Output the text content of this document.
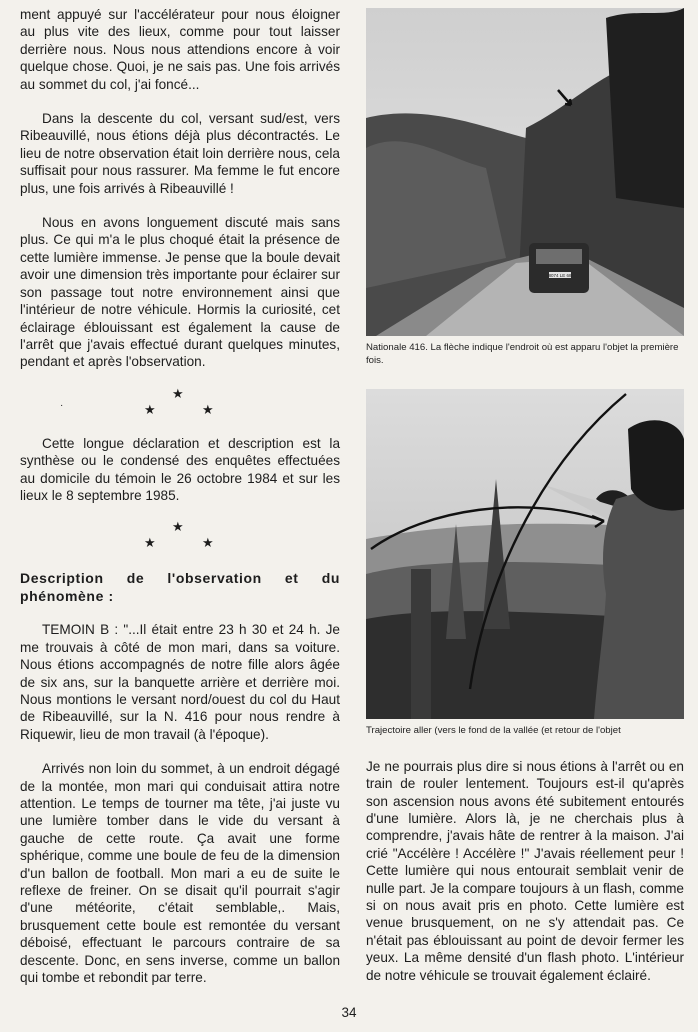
ment appuyé sur l'accélérateur pour nous éloigner au plus vite des lieux, comme pour tout laisser derrière nous. Nous nous attendions encore à voir quelque chose. Quoi, je ne sais pas. Une fois arrivés au sommet du col, j'ai foncé...

Dans la descente du col, versant sud/est, vers Ribeauvillé, nous étions déjà plus décontractés. Le lieu de notre observation était loin derrière nous, cela suffisait pour nous rassurer. Ma femme le fut encore plus, une fois arrivés à Ribeauvillé !

Nous en avons longuement discuté mais sans plus. Ce qui m'a le plus choqué était la présence de cette lumière immense. Je pense que la boule devait avoir une dimension très importante pour éclairer sur son passage tout notre environnement ainsi que l'intérieur de notre véhicule. Hormis la curiosité, cet éclairage éblouissant est également la cause de l'arrêt que j'avais effectué durant quelques minutes, pendant et après l'observation.

·
★
★	★

Cette longue déclaration et description est la synthèse ou le condensé des enquêtes effectuées au domicile du témoin le 26 octobre 1984 et sur les lieux le 8 septembre 1985.

★
★	★
Description de l'observation et du phénomène :

TEMOIN B : "...Il était entre 23 h 30 et 24 h. Je me trouvais à côté de mon mari, dans sa voiture. Nous étions accompagnés de notre fille alors âgée de six ans, sur la banquette arrière et derrière moi. Nous montions le versant nord/ouest du col du Haut de Ribeauvillé, sur la N. 416 pour nous rendre à Riquewir, lieu de mon travail (à l'époque).

Arrivés non loin du sommet, à un endroit dégagé de la montée, mon mari qui conduisait attira notre attention. Le temps de tourner ma tête, j'ai juste vu une lumière tomber dans le vide du versant à gauche de cette route. Ça avait une forme sphérique, comme une boule de feu de la dimension d'un ballon de football. Mon mari a eu de suite le reflexe de freiner. On se disait qu'il pourrait s'agir d'une météorite, c'était semblable,. Mais, brusquement cette boule est remontée du versant déboisé, effectuant le parcours contraire de sa descente. Donc, en sens inverse, comme un ballon qui tombe et rebondit par terre.

8074 LE 68
Nationale 416. La flèche indique l'endroit où est apparu l'objet la première fois.
Trajectoire aller (vers le fond de la vallée (et retour de l'objet

Je ne pourrais plus dire si nous étions à l'arrêt ou en train de rouler lentement. Toujours est-il qu'après son ascension nous avons été subitement entourés d'une lumière. Alors là, je ne cherchais plus à comprendre, j'avais hâte de rentrer à la maison. J'ai crié "Accélère ! Accélère !" J'avais réellement peur ! Cette lumière qui nous entourait semblait venir de nulle part. Je la compare toujours à un flash, comme si on nous avait pris en photo. Cette lumière est venue brusquement, on ne s'y attendait pas. Ce n'était pas éblouissant au point de devoir fermer les yeux. La même densité d'un flash photo. L'intérieur de notre véhicule se trouvait également éclairé.

34
